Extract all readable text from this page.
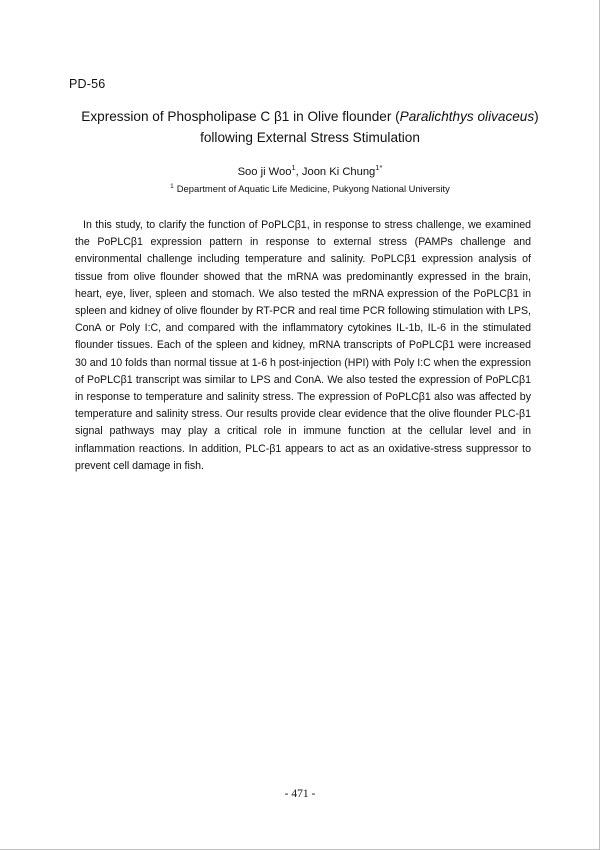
PD-56
Expression of Phospholipase C β1 in Olive flounder (Paralichthys olivaceus)
following External Stress Stimulation
Soo ji Woo$^1$, Joon Ki Chung$^{1*}$
$^1$ Department of Aquatic Life Medicine, Pukyong National University

In this study, to clarify the function of PoPLCβ1, in response to stress challenge, we examined the PoPLCβ1 expression pattern in response to external stress (PAMPs challenge and environmental challenge including temperature and salinity. PoPLCβ1 expression analysis of tissue from olive flounder showed that the mRNA was predominantly expressed in the brain, heart, eye, liver, spleen and stomach. We also tested the mRNA expression of the PoPLCβ1 in spleen and kidney of olive flounder by RT-PCR and real time PCR following stimulation with LPS, ConA or Poly I:C, and compared with the inflammatory cytokines IL-1b, IL-6 in the stimulated flounder tissues. Each of the spleen and kidney, mRNA transcripts of PoPLCβ1 were increased 30 and 10 folds than normal tissue at 1-6 h post-injection (HPI) with Poly I:C when the expression of PoPLCβ1 transcript was similar to LPS and ConA. We also tested the expression of PoPLCβ1 in response to temperature and salinity stress. The expression of PoPLCβ1 also was affected by temperature and salinity stress. Our results provide clear evidence that the olive flounder PLC-β1 signal pathways may play a critical role in immune function at the cellular level and in inflammation reactions. In addition, PLC-β1 appears to act as an oxidative-stress suppressor to prevent cell damage in fish.

- 471 -
